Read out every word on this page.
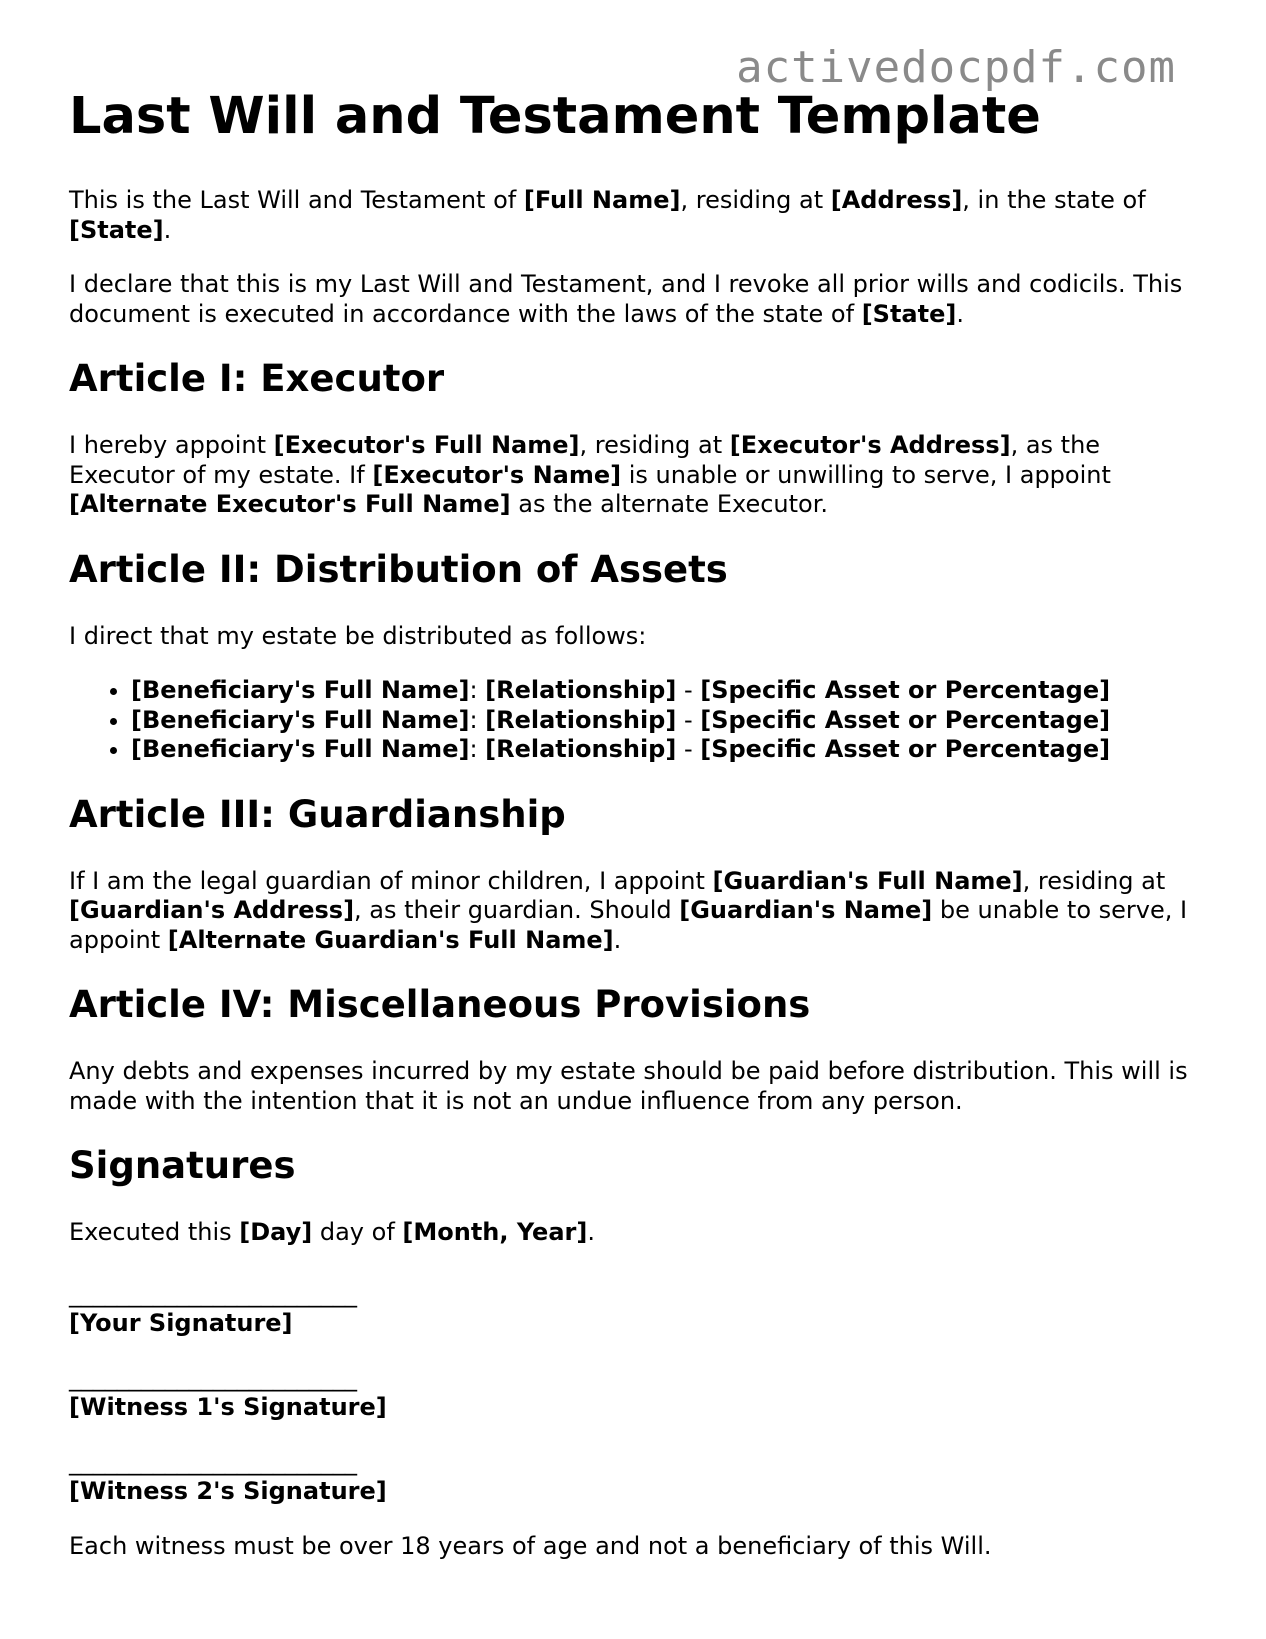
activedocpdf.com
Last Will and Testament Template

This is the Last Will and Testament of [Full Name], residing at [Address], in the state of [State].

I declare that this is my Last Will and Testament, and I revoke all prior wills and codicils. This document is executed in accordance with the laws of the state of [State].

Article I: Executor

I hereby appoint [Executor's Full Name], residing at [Executor's Address], as the Executor of my estate. If [Executor's Name] is unable or unwilling to serve, I appoint [Alternate Executor's Full Name] as the alternate Executor.

Article II: Distribution of Assets

I direct that my estate be distributed as follows:

• [Beneficiary's Full Name]: [Relationship] - [Specific Asset or Percentage]
• [Beneficiary's Full Name]: [Relationship] - [Specific Asset or Percentage]
• [Beneficiary's Full Name]: [Relationship] - [Specific Asset or Percentage]
Article III: Guardianship

If I am the legal guardian of minor children, I appoint [Guardian's Full Name], residing at [Guardian's Address], as their guardian. Should [Guardian's Name] be unable to serve, I appoint [Alternate Guardian's Full Name].

Article IV: Miscellaneous Provisions

Any debts and expenses incurred by my estate should be paid before distribution. This will is made with the intention that it is not an undue influence from any person.

Signatures

Executed this [Day] day of [Month, Year].

________________________
[Your Signature]
________________________
[Witness 1's Signature]
________________________
[Witness 2's Signature]

Each witness must be over 18 years of age and not a beneficiary of this Will.
